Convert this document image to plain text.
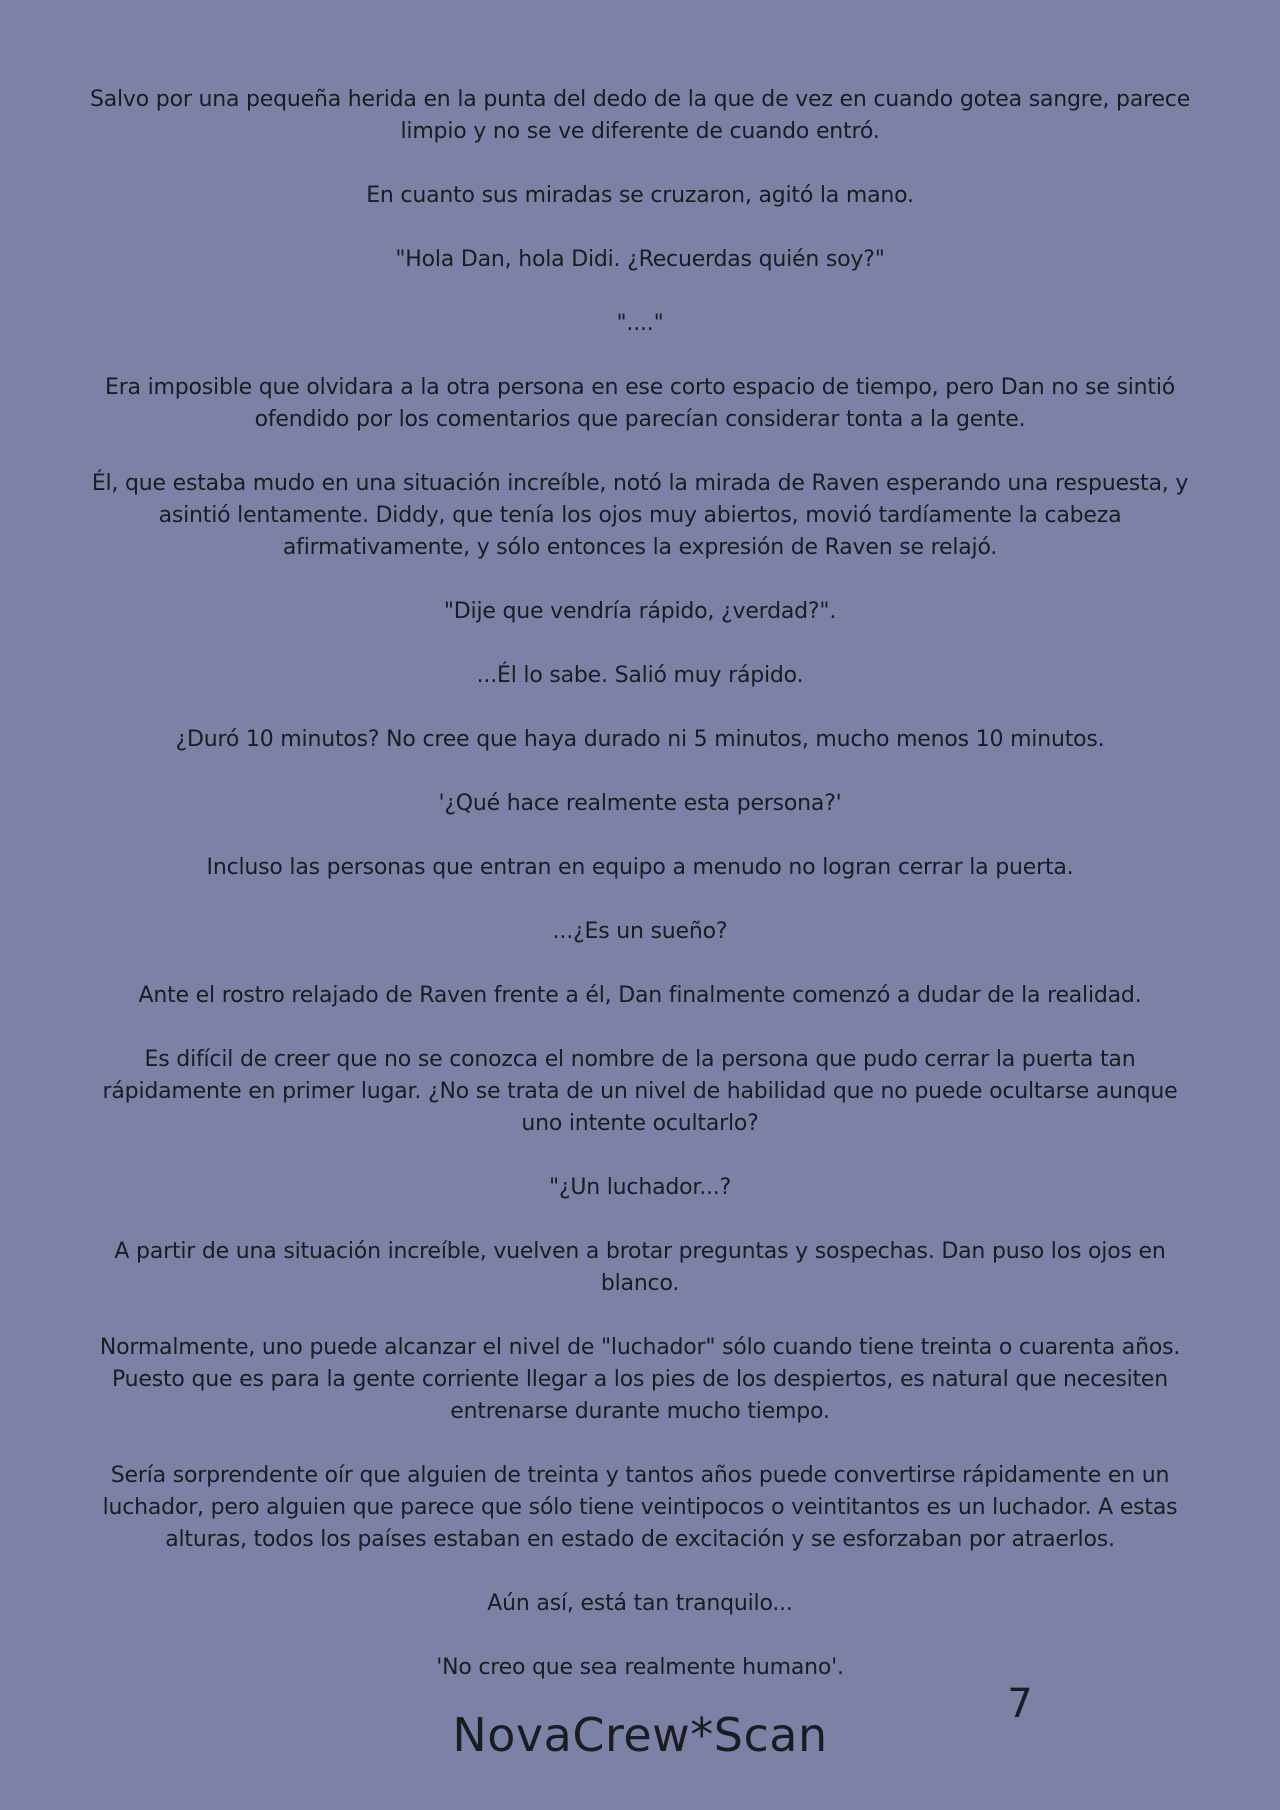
Salvo por una pequeña herida en la punta del dedo de la que de vez en cuando gotea sangre, parece limpio y no se ve diferente de cuando entró.

En cuanto sus miradas se cruzaron, agitó la mano.

"Hola Dan, hola Didi. ¿Recuerdas quién soy?"

"...."

Era imposible que olvidara a la otra persona en ese corto espacio de tiempo, pero Dan no se sintió ofendido por los comentarios que parecían considerar tonta a la gente.

Él, que estaba mudo en una situación increíble, notó la mirada de Raven esperando una respuesta, y asintió lentamente. Diddy, que tenía los ojos muy abiertos, movió tardíamente la cabeza afirmativamente, y sólo entonces la expresión de Raven se relajó.

"Dije que vendría rápido, ¿verdad?".

...Él lo sabe. Salió muy rápido.

¿Duró 10 minutos? No cree que haya durado ni 5 minutos, mucho menos 10 minutos.

'¿Qué hace realmente esta persona?'

Incluso las personas que entran en equipo a menudo no logran cerrar la puerta.

...¿Es un sueño?

Ante el rostro relajado de Raven frente a él, Dan finalmente comenzó a dudar de la realidad.

Es difícil de creer que no se conozca el nombre de la persona que pudo cerrar la puerta tan rápidamente en primer lugar. ¿No se trata de un nivel de habilidad que no puede ocultarse aunque uno intente ocultarlo?

"¿Un luchador...?

A partir de una situación increíble, vuelven a brotar preguntas y sospechas. Dan puso los ojos en blanco.

Normalmente, uno puede alcanzar el nivel de "luchador" sólo cuando tiene treinta o cuarenta años. Puesto que es para la gente corriente llegar a los pies de los despiertos, es natural que necesiten entrenarse durante mucho tiempo.

Sería sorprendente oír que alguien de treinta y tantos años puede convertirse rápidamente en un luchador, pero alguien que parece que sólo tiene veintipocos o veintitantos es un luchador. A estas alturas, todos los países estaban en estado de excitación y se esforzaban por atraerlos.

Aún así, está tan tranquilo...

'No creo que sea realmente humano'.

7
NovaCrew*Scan
